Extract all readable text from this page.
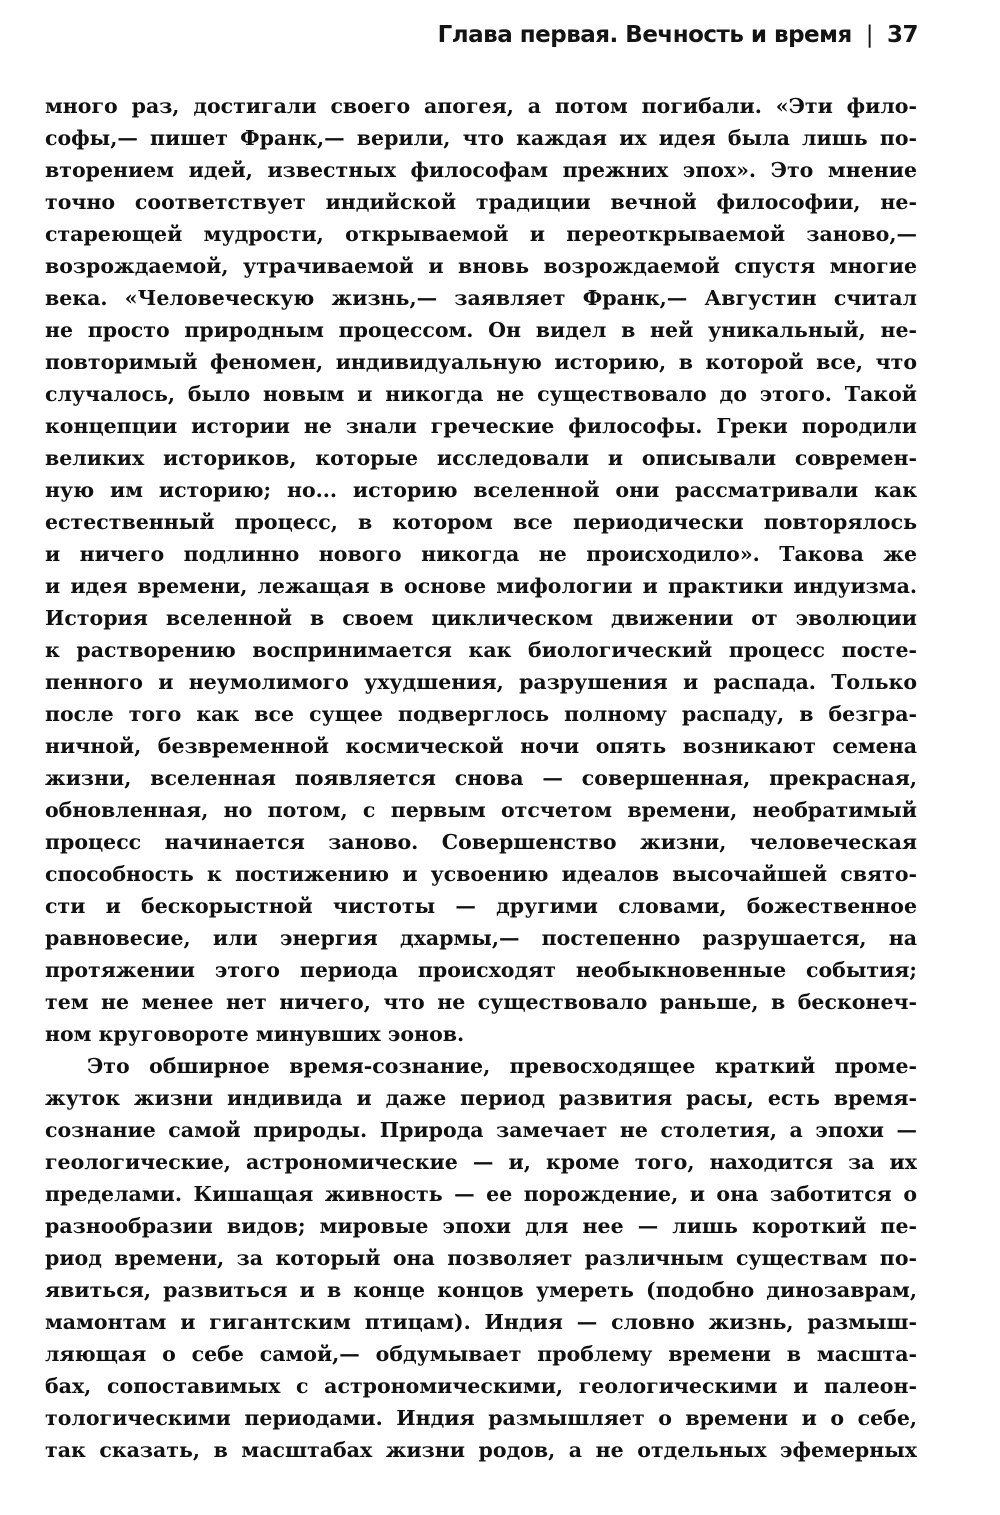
Глава первая. Вечность и время | 37
много раз, достигали своего апогея, а потом погибали. «Эти фило-
софы,— пишет Франк,— верили, что каждая их идея была лишь по-
вторением идей, известных философам прежних эпох». Это мнение
точно соответствует индийской традиции вечной философии, не-
стареющей мудрости, открываемой и переоткрываемой заново,—
возрождаемой, утрачиваемой и вновь возрождаемой спустя многие
века. «Человеческую жизнь,— заявляет Франк,— Августин считал
не просто природным процессом. Он видел в ней уникальный, не-
повторимый феномен, индивидуальную историю, в которой все, что
случалось, было новым и никогда не существовало до этого. Такой
концепции истории не знали греческие философы. Греки породили
великих историков, которые исследовали и описывали современ-
ную им историю; но... историю вселенной они рассматривали как
естественный процесс, в котором все периодически повторялось
и ничего подлинно нового никогда не происходило». Такова же
и идея времени, лежащая в основе мифологии и практики индуизма.
История вселенной в своем циклическом движении от эволюции
к растворению воспринимается как биологический процесс посте-
пенного и неумолимого ухудшения, разрушения и распада. Только
после того как все сущее подверглось полному распаду, в безгра-
ничной, безвременной космической ночи опять возникают семена
жизни, вселенная появляется снова — совершенная, прекрасная,
обновленная, но потом, с первым отсчетом времени, необратимый
процесс начинается заново. Совершенство жизни, человеческая
способность к постижению и усвоению идеалов высочайшей свято-
сти и бескорыстной чистоты — другими словами, божественное
равновесие, или энергия дхармы,— постепенно разрушается, на
протяжении этого периода происходят необыкновенные события;
тем не менее нет ничего, что не существовало раньше, в бесконеч-
ном круговороте минувших эонов.
Это обширное время-сознание, превосходящее краткий проме-
жуток жизни индивида и даже период развития расы, есть время-
сознание самой природы. Природа замечает не столетия, а эпохи —
геологические, астрономические — и, кроме того, находится за их
пределами. Кишащая живность — ее порождение, и она заботится о
разнообразии видов; мировые эпохи для нее — лишь короткий пе-
риод времени, за который она позволяет различным существам по-
явиться, развиться и в конце концов умереть (подобно динозаврам,
мамонтам и гигантским птицам). Индия — словно жизнь, размыш-
ляющая о себе самой,— обдумывает проблему времени в масшта-
бах, сопоставимых с астрономическими, геологическими и палеон-
тологическими периодами. Индия размышляет о времени и о себе,
так сказать, в масштабах жизни родов, а не отдельных эфемерных
